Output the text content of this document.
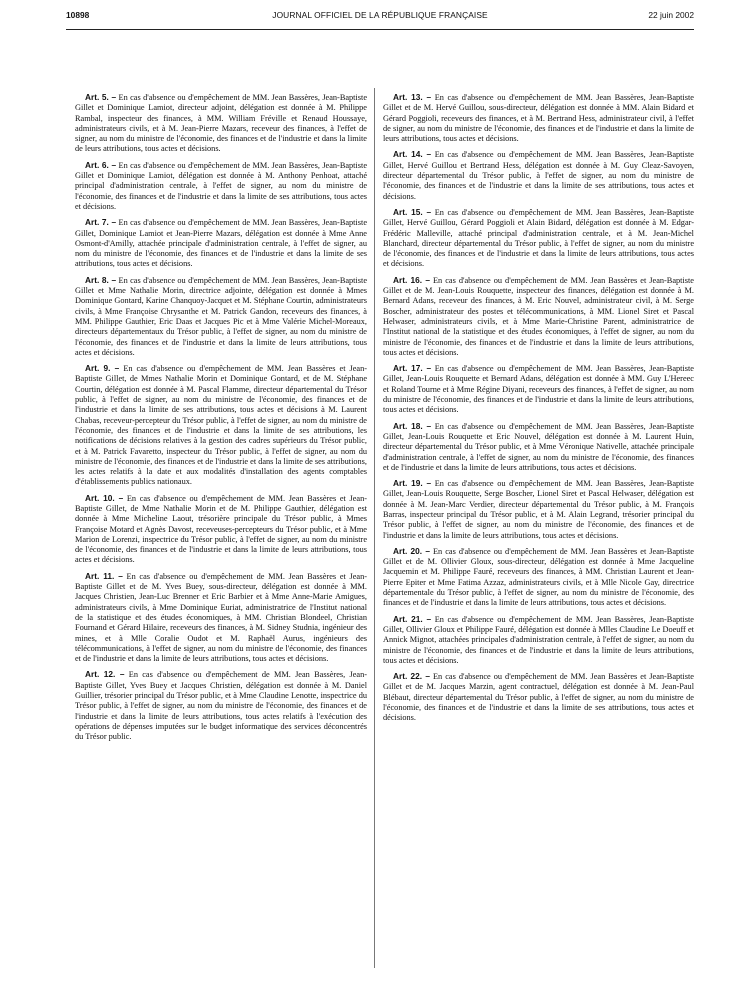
10898	JOURNAL OFFICIEL DE LA RÉPUBLIQUE FRANÇAISE	22 juin 2002

Art. 5. – En cas d'absence ou d'empêchement de MM. Jean Bassères, Jean-Baptiste Gillet et Dominique Lamiot, directeur adjoint, délégation est donnée à M. Philippe Rambal, inspecteur des finances, à MM. William Fréville et Renaud Houssaye, administrateurs civils, et à M. Jean-Pierre Mazars, receveur des finances, à l'effet de signer, au nom du ministre de l'économie, des finances et de l'industrie et dans la limite de leurs attributions, tous actes et décisions.

Art. 6. – En cas d'absence ou d'empêchement de MM. Jean Bassères, Jean-Baptiste Gillet et Dominique Lamiot, délégation est donnée à M. Anthony Penhoat, attaché principal d'administration centrale, à l'effet de signer, au nom du ministre de l'économie, des finances et de l'industrie et dans la limite de ses attributions, tous actes et décisions.

Art. 7. – En cas d'absence ou d'empêchement de MM. Jean Bassères, Jean-Baptiste Gillet, Dominique Lamiot et Jean-Pierre Mazars, délégation est donnée à Mme Anne Osmont-d'Amilly, attachée principale d'administration centrale, à l'effet de signer, au nom du ministre de l'économie, des finances et de l'industrie et dans la limite de ses attributions, tous actes et décisions.

Art. 8. – En cas d'absence ou d'empêchement de MM. Jean Bassères, Jean-Baptiste Gillet et Mme Nathalie Morin, directrice adjointe, délégation est donnée à Mmes Dominique Gontard, Karine Chanquoy-Jacquet et M. Stéphane Courtin, administrateurs civils, à Mme Françoise Chrysanthe et M. Patrick Gandon, receveurs des finances, à MM. Philippe Gauthier, Eric Daas et Jacques Pic et à Mme Valérie Michel-Moreaux, directeurs départementaux du Trésor public, à l'effet de signer, au nom du ministre de l'économie, des finances et de l'industrie et dans la limite de leurs attributions, tous actes et décisions.

Art. 9. – En cas d'absence ou d'empêchement de MM. Jean Bassères et Jean-Baptiste Gillet, de Mmes Nathalie Morin et Dominique Gontard, et de M. Stéphane Courtin, délégation est donnée à M. Pascal Flamme, directeur départemental du Trésor public, à l'effet de signer, au nom du ministre de l'économie, des finances et de l'industrie et dans la limite de ses attributions, tous actes et décisions à M. Laurent Chabas, receveur-percepteur du Trésor public, à l'effet de signer, au nom du ministre de l'économie, des finances et de l'industrie et dans la limite de ses attributions, les notifications de décisions relatives à la gestion des cadres supérieurs du Trésor public, et à M. Patrick Favaretto, inspecteur du Trésor public, à l'effet de signer, au nom du ministre de l'économie, des finances et de l'industrie et dans la limite de ses attributions, les actes relatifs à la date et aux modalités d'installation des agents comptables d'établissements publics nationaux.

Art. 10. – En cas d'absence ou d'empêchement de MM. Jean Bassères et Jean-Baptiste Gillet, de Mme Nathalie Morin et de M. Philippe Gauthier, délégation est donnée à Mme Micheline Laout, trésorière principale du Trésor public, à Mmes Françoise Motard et Agnès Davost, receveuses-percepteurs du Trésor public, et à Mme Marion de Lorenzi, inspectrice du Trésor public, à l'effet de signer, au nom du ministre de l'économie, des finances et de l'industrie et dans la limite de leurs attributions, tous actes et décisions.

Art. 11. – En cas d'absence ou d'empêchement de MM. Jean Bassères et Jean-Baptiste Gillet et de M. Yves Buey, sous-directeur, délégation est donnée à MM. Jacques Christien, Jean-Luc Brenner et Eric Barbier et à Mme Anne-Marie Amigues, administrateurs civils, à Mme Dominique Euriat, administratrice de l'Institut national de la statistique et des études économiques, à MM. Christian Blondeel, Christian Fournand et Gérard Hilaire, receveurs des finances, à M. Sidney Studnia, ingénieur des mines, et à Mlle Coralie Oudot et M. Raphaël Aurus, ingénieurs des télécommunications, à l'effet de signer, au nom du ministre de l'économie, des finances et de l'industrie et dans la limite de leurs attributions, tous actes et décisions.

Art. 12. – En cas d'absence ou d'empêchement de MM. Jean Bassères, Jean-Baptiste Gillet, Yves Buey et Jacques Christien, délégation est donnée à M. Daniel Guillier, trésorier principal du Trésor public, et à Mme Claudine Lenotte, inspectrice du Trésor public, à l'effet de signer, au nom du ministre de l'économie, des finances et de l'industrie et dans la limite de leurs attributions, tous actes relatifs à l'exécution des opérations de dépenses imputées sur le budget informatique des services déconcentrés du Trésor public.

Art. 13. – En cas d'absence ou d'empêchement de MM. Jean Bassères, Jean-Baptiste Gillet et de M. Hervé Guillou, sous-directeur, délégation est donnée à MM. Alain Bidard et Gérard Poggioli, receveurs des finances, et à M. Bertrand Hess, administrateur civil, à l'effet de signer, au nom du ministre de l'économie, des finances et de l'industrie et dans la limite de leurs attributions, tous actes et décisions.

Art. 14. – En cas d'absence ou d'empêchement de MM. Jean Bassères, Jean-Baptiste Gillet, Hervé Guillou et Bertrand Hess, délégation est donnée à M. Guy Cleaz-Savoyen, directeur départemental du Trésor public, à l'effet de signer, au nom du ministre de l'économie, des finances et de l'industrie et dans la limite de ses attributions, tous actes et décisions.

Art. 15. – En cas d'absence ou d'empêchement de MM. Jean Bassères, Jean-Baptiste Gillet, Hervé Guillou, Gérard Poggioli et Alain Bidard, délégation est donnée à M. Edgar-Frédéric Malleville, attaché principal d'administration centrale, et à M. Jean-Michel Blanchard, directeur départemental du Trésor public, à l'effet de signer, au nom du ministre de l'économie, des finances et de l'industrie et dans la limite de leurs attributions, tous actes et décisions.

Art. 16. – En cas d'absence ou d'empêchement de MM. Jean Bassères et Jean-Baptiste Gillet et de M. Jean-Louis Rouquette, inspecteur des finances, délégation est donnée à M. Bernard Adans, receveur des finances, à M. Eric Nouvel, administrateur civil, à M. Serge Boscher, administrateur des postes et télécommunications, à MM. Lionel Siret et Pascal Helwaser, administrateurs civils, et à Mme Marie-Christine Parent, administratrice de l'Institut national de la statistique et des études économiques, à l'effet de signer, au nom du ministre de l'économie, des finances et de l'industrie et dans la limite de leurs attributions, tous actes et décisions.

Art. 17. – En cas d'absence ou d'empêchement de MM. Jean Bassères, Jean-Baptiste Gillet, Jean-Louis Rouquette et Bernard Adans, délégation est donnée à MM. Guy L'Hereec et Roland Tourne et à Mme Régine Diyani, receveurs des finances, à l'effet de signer, au nom du ministre de l'économie, des finances et de l'industrie et dans la limite de leurs attributions, tous actes et décisions.

Art. 18. – En cas d'absence ou d'empêchement de MM. Jean Bassères, Jean-Baptiste Gillet, Jean-Louis Rouquette et Eric Nouvel, délégation est donnée à M. Laurent Huin, directeur départemental du Trésor public, et à Mme Véronique Nativelle, attachée principale d'administration centrale, à l'effet de signer, au nom du ministre de l'économie, des finances et de l'industrie et dans la limite de leurs attributions, tous actes et décisions.

Art. 19. – En cas d'absence ou d'empêchement de MM. Jean Bassères, Jean-Baptiste Gillet, Jean-Louis Rouquette, Serge Boscher, Lionel Siret et Pascal Helwaser, délégation est donnée à M. Jean-Marc Verdier, directeur départemental du Trésor public, à M. François Barras, inspecteur principal du Trésor public, et à M. Alain Legrand, trésorier principal du Trésor public, à l'effet de signer, au nom du ministre de l'économie, des finances et de l'industrie et dans la limite de leurs attributions, tous actes et décisions.

Art. 20. – En cas d'absence ou d'empêchement de MM. Jean Bassères et Jean-Baptiste Gillet et de M. Ollivier Gloux, sous-directeur, délégation est donnée à Mme Jacqueline Jacquemin et M. Philippe Fauré, receveurs des finances, à MM. Christian Laurent et Jean-Pierre Epiter et Mme Fatima Azzaz, administrateurs civils, et à Mlle Nicole Gay, directrice départementale du Trésor public, à l'effet de signer, au nom du ministre de l'économie, des finances et de l'industrie et dans la limite de leurs attributions, tous actes et décisions.

Art. 21. – En cas d'absence ou d'empêchement de MM. Jean Bassères, Jean-Baptiste Gillet, Ollivier Gloux et Philippe Fauré, délégation est donnée à Mlles Claudine Le Doeuff et Annick Mignot, attachées principales d'administration centrale, à l'effet de signer, au nom du ministre de l'économie, des finances et de l'industrie et dans la limite de leurs attributions, tous actes et décisions.

Art. 22. – En cas d'absence ou d'empêchement de MM. Jean Bassères et Jean-Baptiste Gillet et de M. Jacques Marzin, agent contractuel, délégation est donnée à M. Jean-Paul Blébaut, directeur départemental du Trésor public, à l'effet de signer, au nom du ministre de l'économie, des finances et de l'industrie et dans la limite de ses attributions, tous actes et décisions.
